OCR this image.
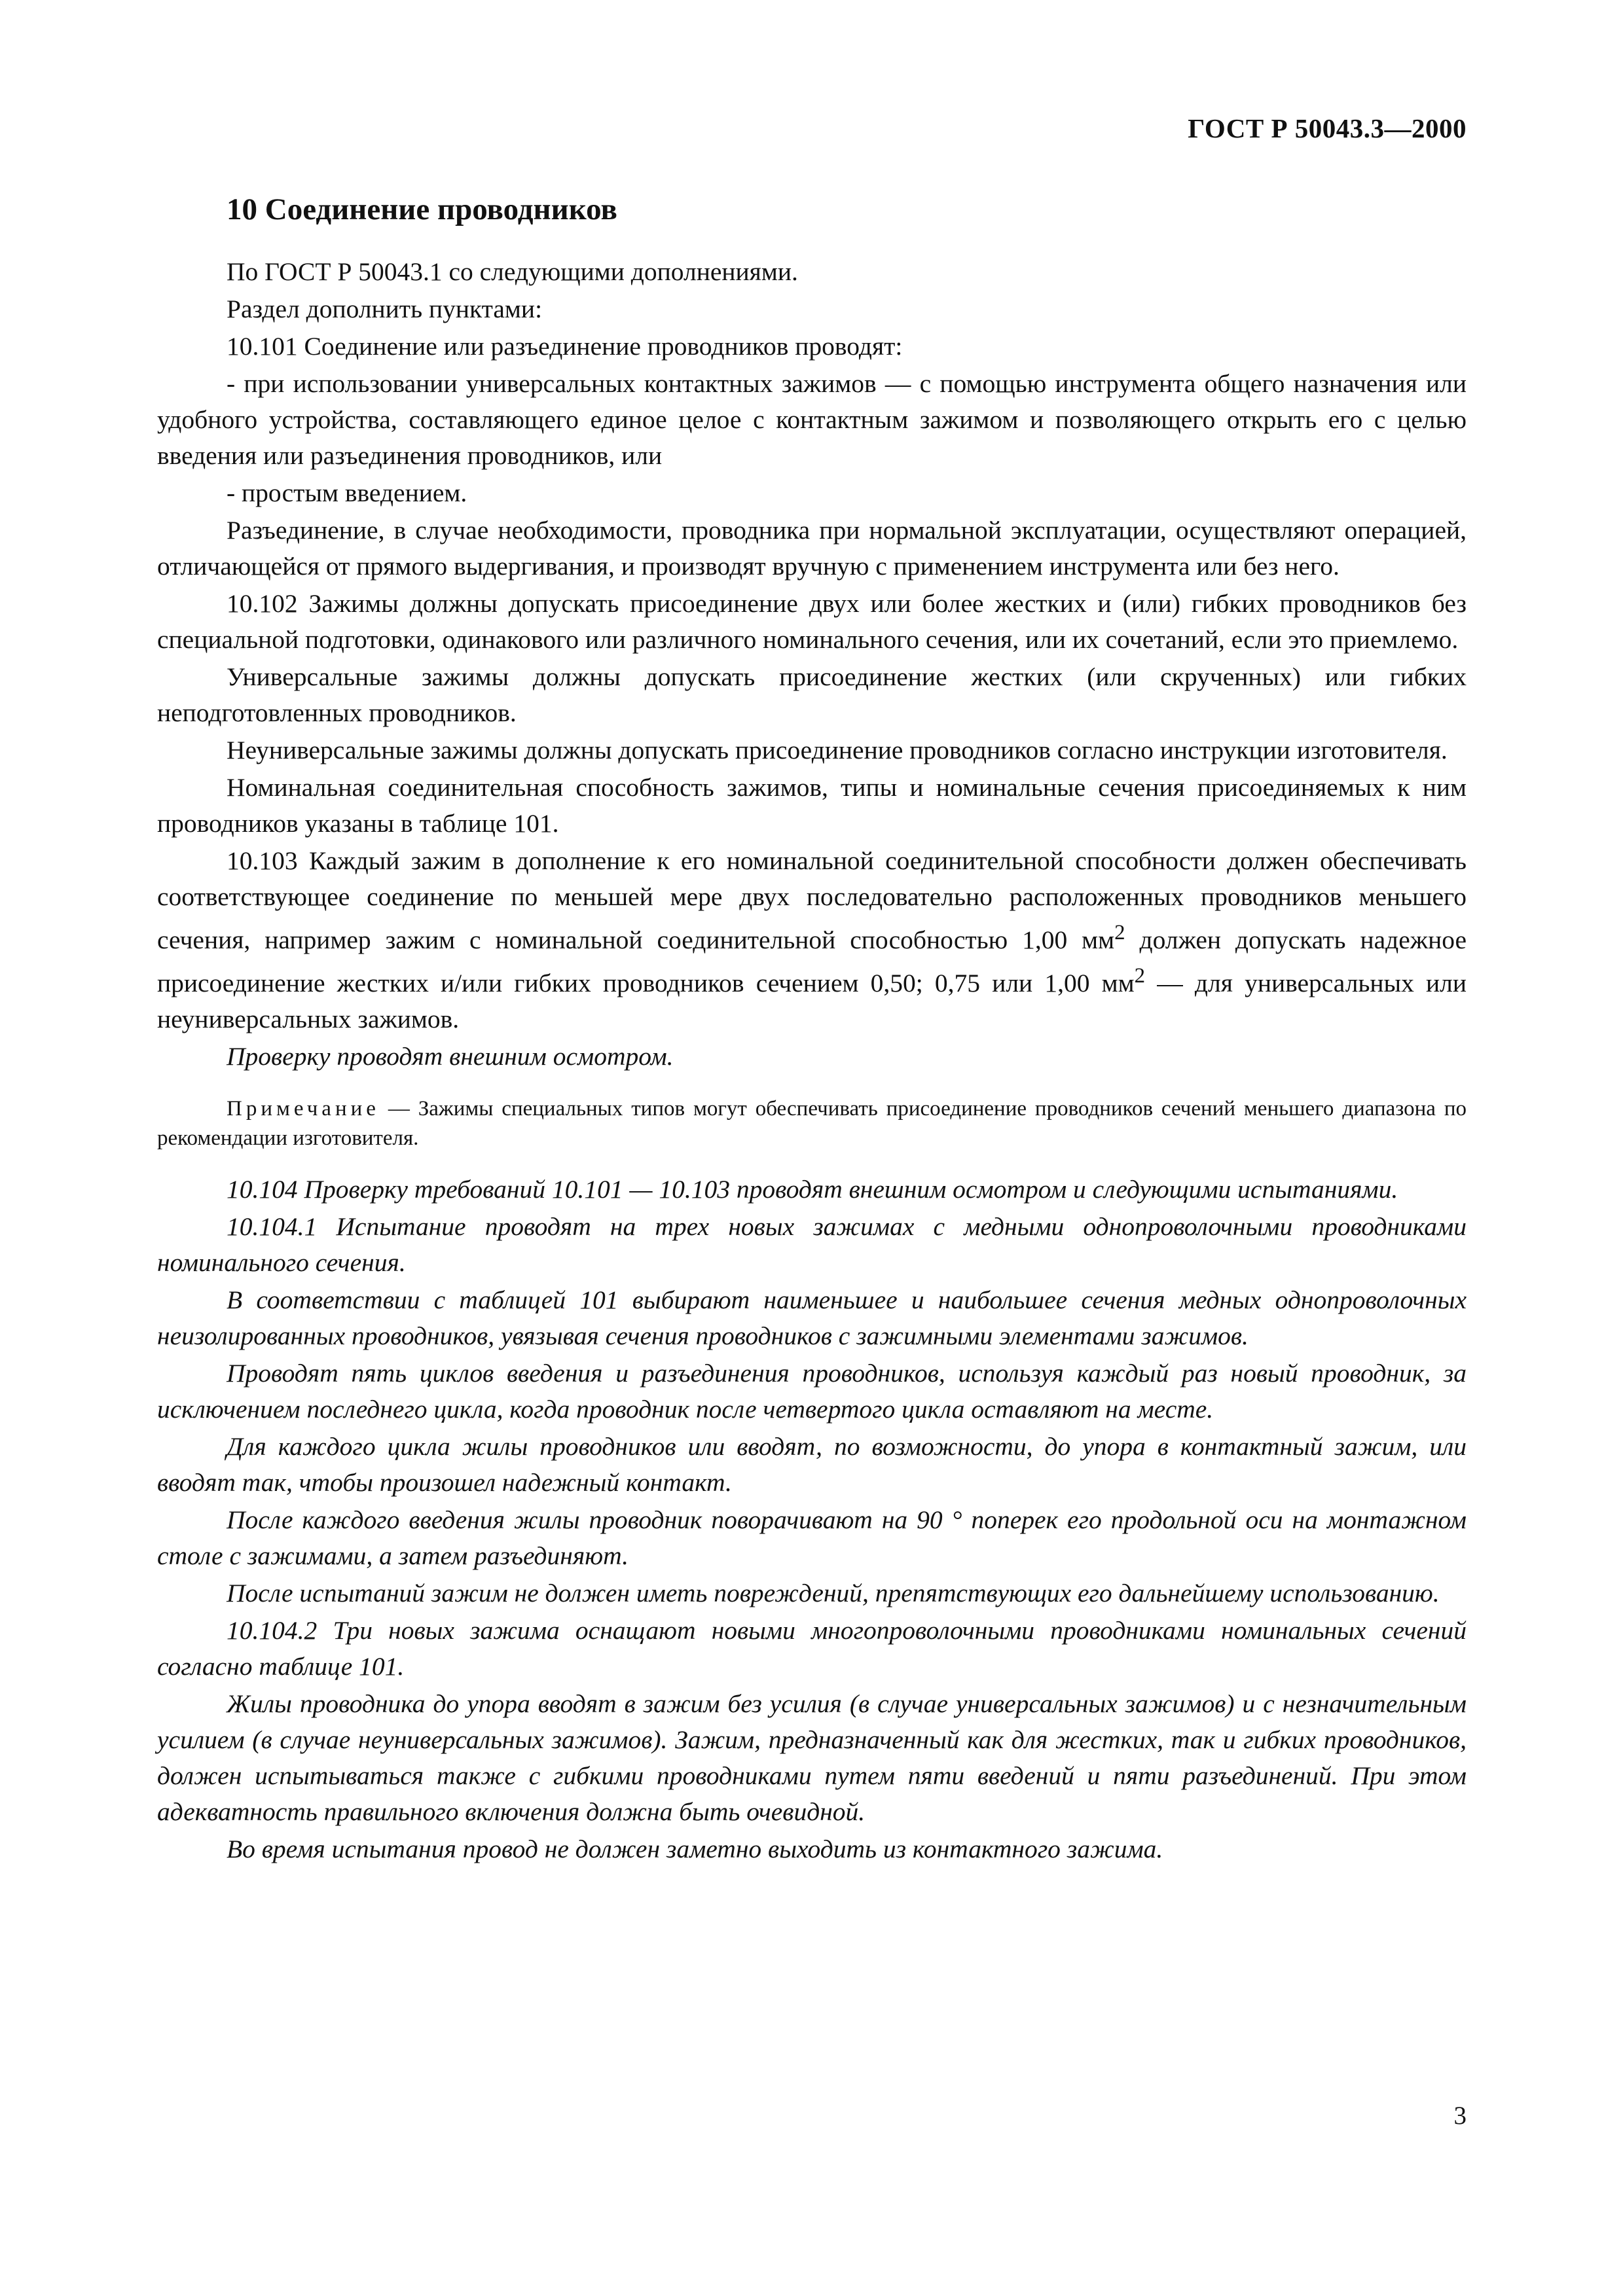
ГОСТ Р 50043.3—2000
10 Соединение проводников

По ГОСТ Р 50043.1 со следующими дополнениями.

Раздел дополнить пунктами:

10.101 Соединение или разъединение проводников проводят:

- при использовании универсальных контактных зажимов — с помощью инструмента общего назначения или удобного устройства, составляющего единое целое с контактным зажимом и позволяющего открыть его с целью введения или разъединения проводников, или

- простым введением.

Разъединение, в случае необходимости, проводника при нормальной эксплуатации, осуществляют операцией, отличающейся от прямого выдергивания, и производят вручную с применением инструмента или без него.

10.102 Зажимы должны допускать присоединение двух или более жестких и (или) гибких проводников без специальной подготовки, одинакового или различного номинального сечения, или их сочетаний, если это приемлемо.

Универсальные зажимы должны допускать присоединение жестких (или скрученных) или гибких неподготовленных проводников.

Неуниверсальные зажимы должны допускать присоединение проводников согласно инструкции изготовителя.

Номинальная соединительная способность зажимов, типы и номинальные сечения присоединяемых к ним проводников указаны в таблице 101.

10.103 Каждый зажим в дополнение к его номинальной соединительной способности должен обеспечивать соответствующее соединение по меньшей мере двух последовательно расположенных проводников меньшего сечения, например зажим с номинальной соединительной способностью 1,00 $мм^2$ должен допускать надежное присоединение жестких и/или гибких проводников сечением 0,50; 0,75 или 1,00 $мм^2$ — для универсальных или неуниверсальных зажимов.

Проверку проводят внешним осмотром.

Примечание — Зажимы специальных типов могут обеспечивать присоединение проводников сечений меньшего диапазона по рекомендации изготовителя.

10.104 Проверку требований 10.101 — 10.103 проводят внешним осмотром и следующими испытаниями.

10.104.1 Испытание проводят на трех новых зажимах с медными однопроволочными проводниками номинального сечения.

В соответствии с таблицей 101 выбирают наименьшее и наибольшее сечения медных однопроволочных неизолированных проводников, увязывая сечения проводников с зажимными элементами зажимов.

Проводят пять циклов введения и разъединения проводников, используя каждый раз новый проводник, за исключением последнего цикла, когда проводник после четвертого цикла оставляют на месте.

Для каждого цикла жилы проводников или вводят, по возможности, до упора в контактный зажим, или вводят так, чтобы произошел надежный контакт.

После каждого введения жилы проводник поворачивают на 90 ° поперек его продольной оси на монтажном столе с зажимами, а затем разъединяют.

После испытаний зажим не должен иметь повреждений, препятствующих его дальнейшему использованию.

10.104.2 Три новых зажима оснащают новыми многопроволочными проводниками номинальных сечений согласно таблице 101.

Жилы проводника до упора вводят в зажим без усилия (в случае универсальных зажимов) и с незначительным усилием (в случае неуниверсальных зажимов). Зажим, предназначенный как для жестких, так и гибких проводников, должен испытываться также с гибкими проводниками путем пяти введений и пяти разъединений. При этом адекватность правильного включения должна быть очевидной.

Во время испытания провод не должен заметно выходить из контактного зажима.

3
